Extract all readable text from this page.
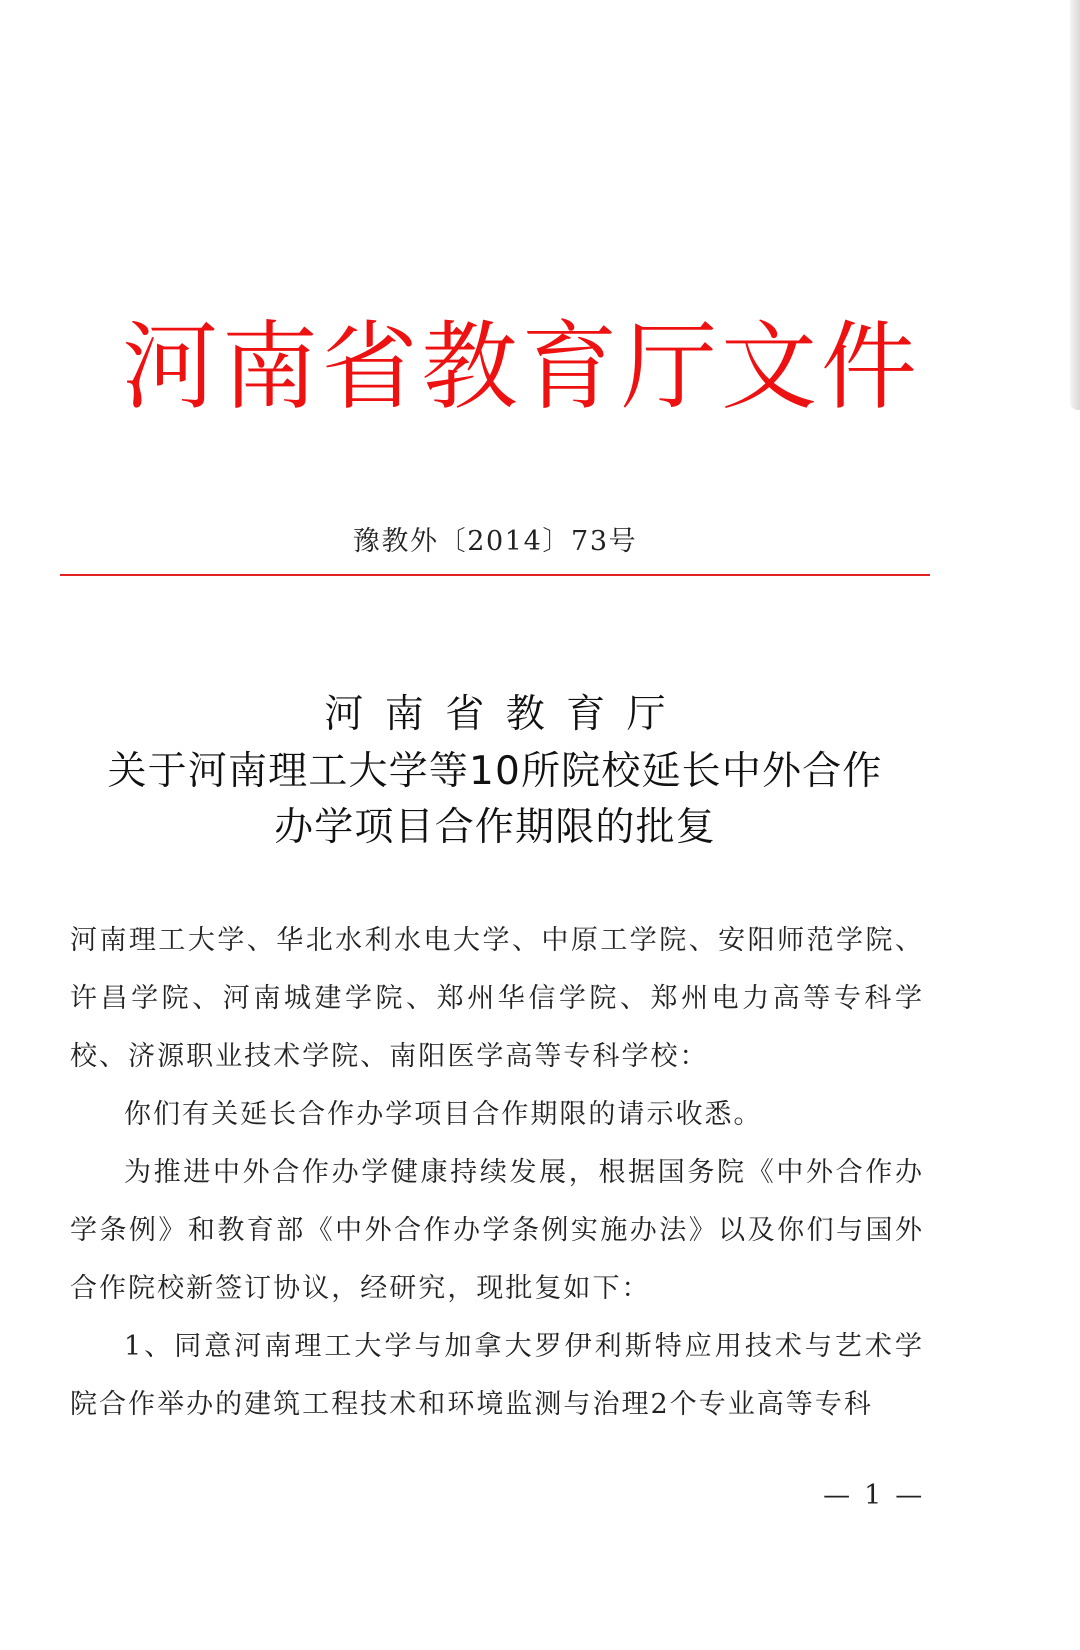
河南省教育厅文件
豫教外〔2014〕73号
河南省教育厅
关于河南理工大学等10所院校延长中外合作
办学项目合作期限的批复

河南理工大学、华北水利水电大学、中原工学院、安阳师范学院、许昌学院、河南城建学院、郑州华信学院、郑州电力高等专科学校、济源职业技术学院、南阳医学高等专科学校：

你们有关延长合作办学项目合作期限的请示收悉。

为推进中外合作办学健康持续发展，根据国务院《中外合作办学条例》和教育部《中外合作办学条例实施办法》以及你们与国外合作院校新签订协议，经研究，现批复如下：

1、同意河南理工大学与加拿大罗伊利斯特应用技术与艺术学院合作举办的建筑工程技术和环境监测与治理2个专业高等专科

— 1 —
